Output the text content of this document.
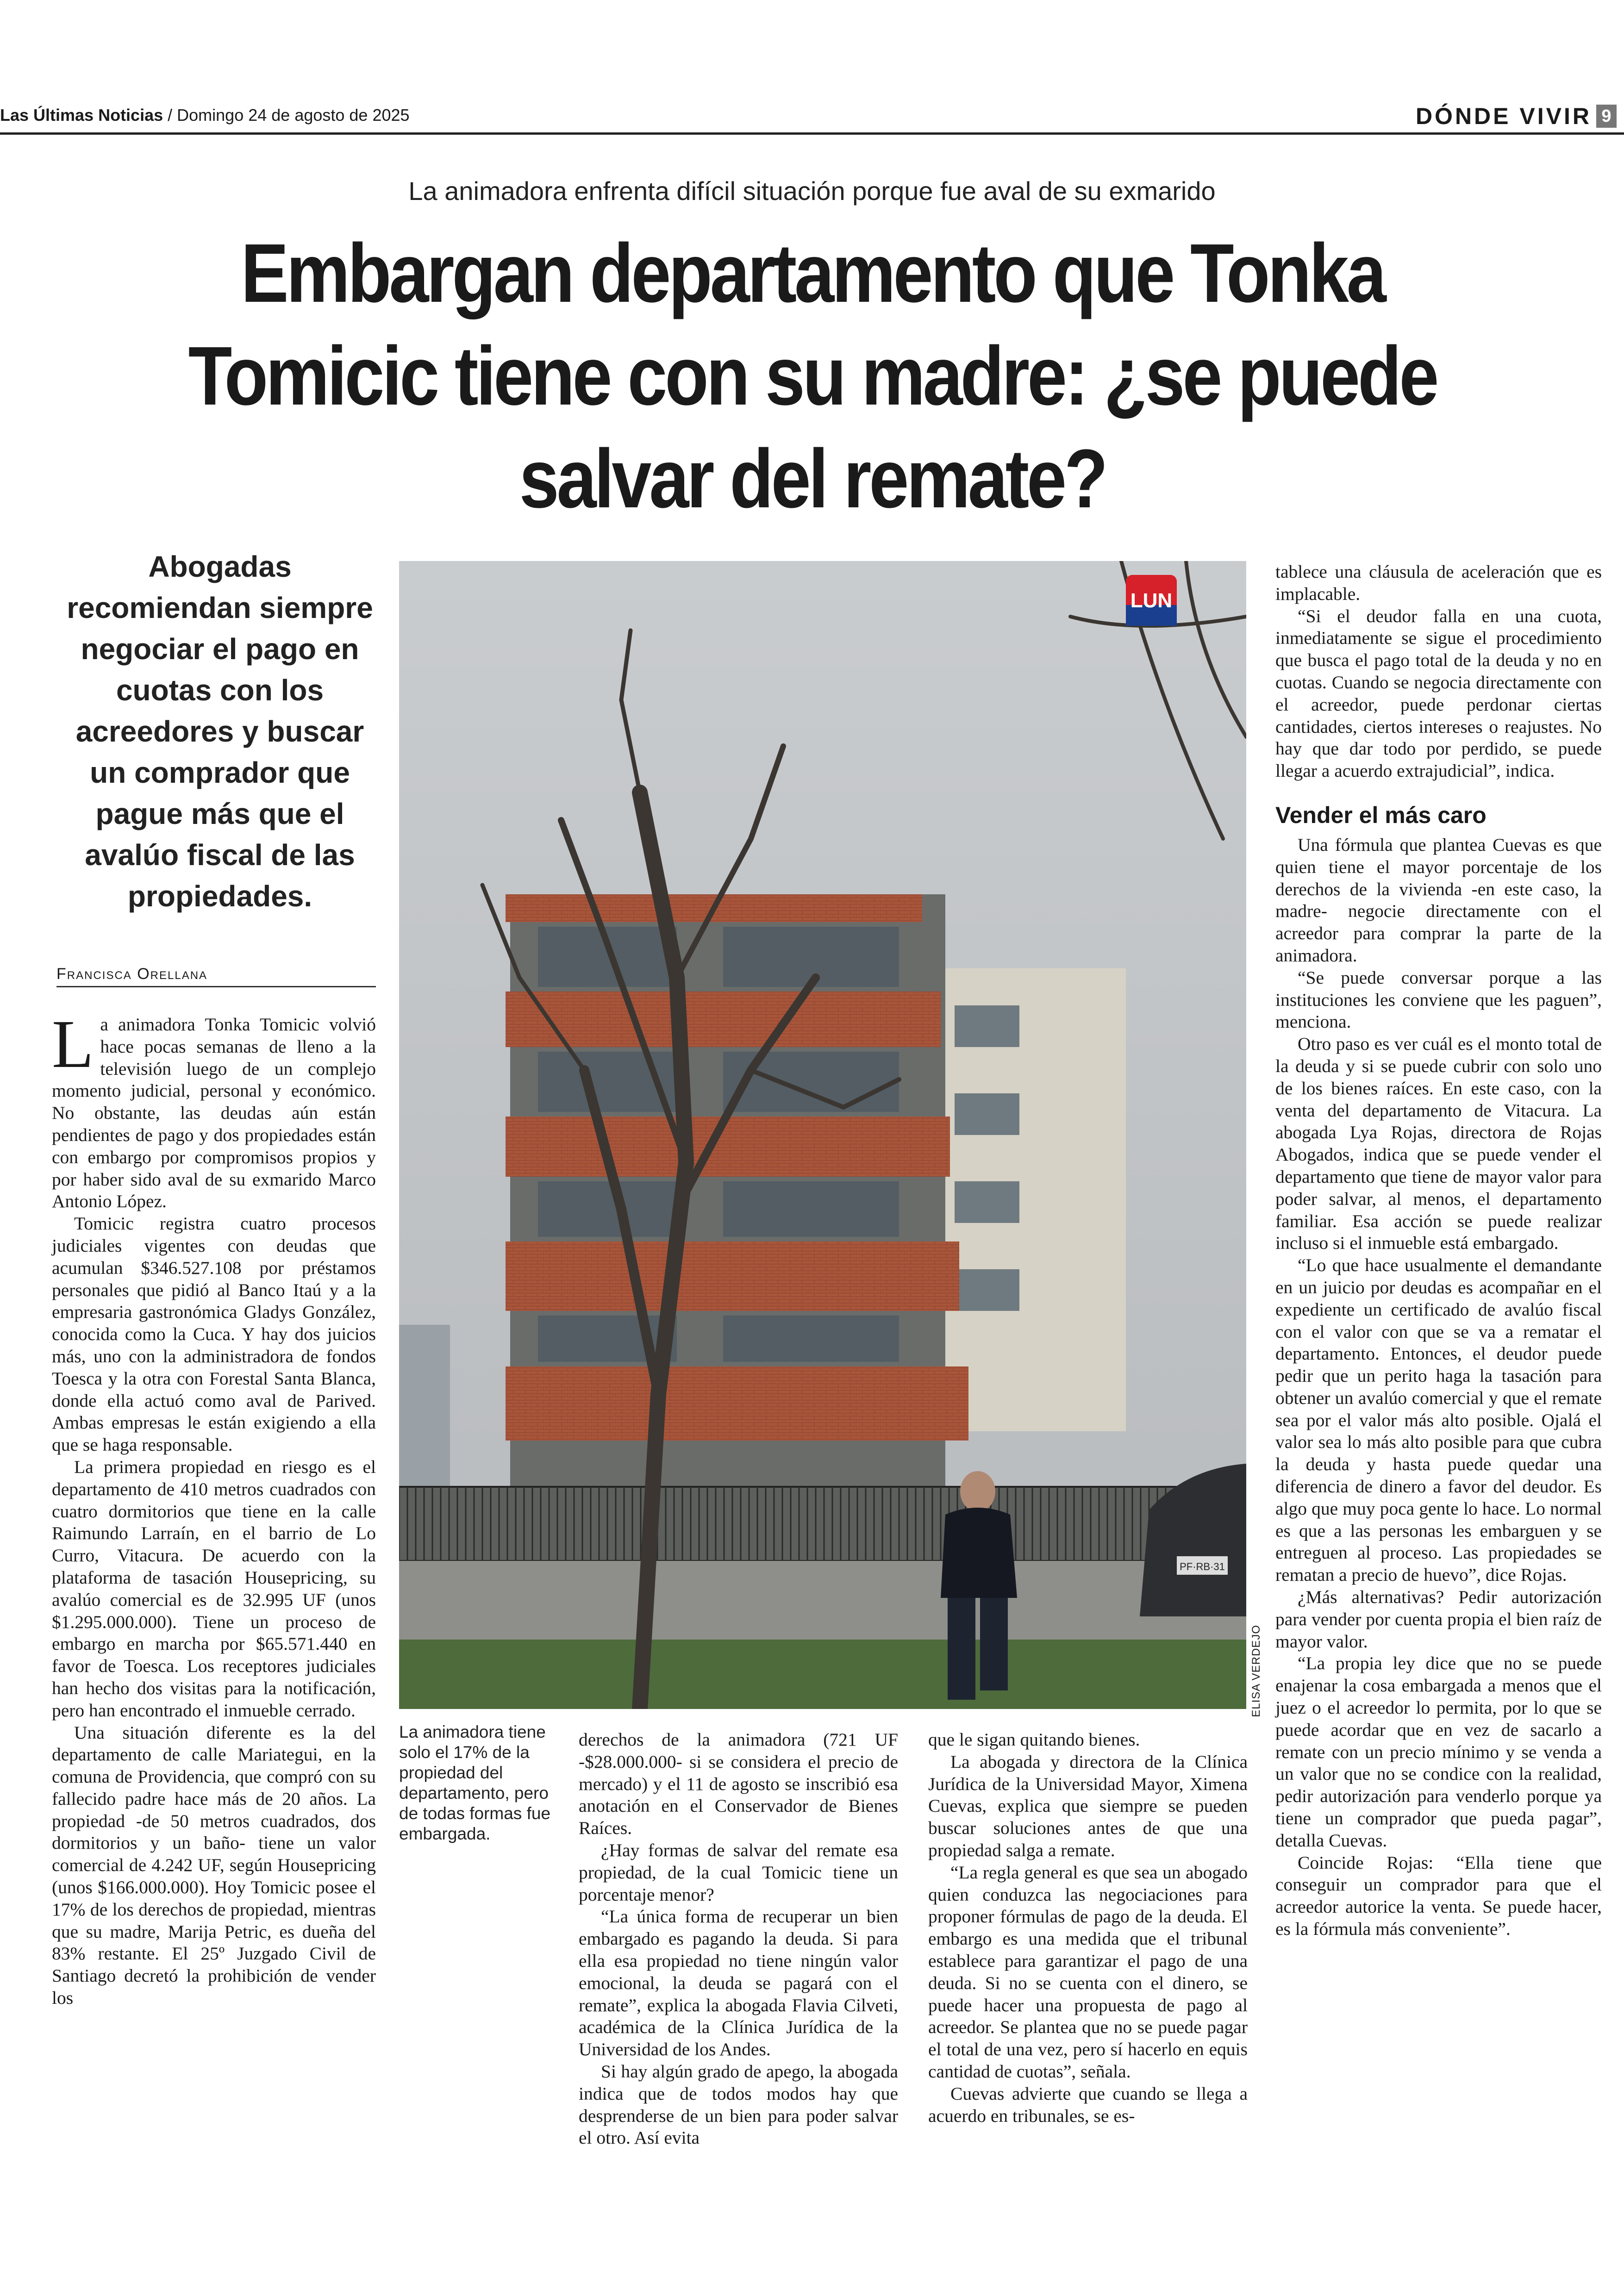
Las Últimas Noticias / Domingo 24 de agosto de 2025	DÓNDE VIVIR 9
La animadora enfrenta difícil situación porque fue aval de su exmarido
Embargan departamento que Tonka Tomicic tiene con su madre: ¿se puede salvar del remate?
Abogadas recomiendan siempre negociar el pago en cuotas con los acreedores y buscar un comprador que pague más que el avalúo fiscal de las propiedades.
Francisca Orellana

La animadora Tonka Tomicic volvió hace pocas semanas de lleno a la televisión luego de un complejo momento judicial, personal y económico. No obstante, las deudas aún están pendientes de pago y dos propiedades están con embargo por compromisos propios y por haber sido aval de su exmarido Marco Antonio López.

Tomicic registra cuatro procesos judiciales vigentes con deudas que acumulan $346.527.108 por préstamos personales que pidió al Banco Itaú y a la empresaria gastronómica Gladys González, conocida como la Cuca. Y hay dos juicios más, uno con la administradora de fondos Toesca y la otra con Forestal Santa Blanca, donde ella actuó como aval de Parived. Ambas empresas le están exigiendo a ella que se haga responsable.

La primera propiedad en riesgo es el departamento de 410 metros cuadrados con cuatro dormitorios que tiene en la calle Raimundo Larraín, en el barrio de Lo Curro, Vitacura. De acuerdo con la plataforma de tasación Housepricing, su avalúo comercial es de 32.995 UF (unos $1.295.000.000). Tiene un proceso de embargo en marcha por $65.571.440 en favor de Toesca. Los receptores judiciales han hecho dos visitas para la notificación, pero han encontrado el inmueble cerrado.

Una situación diferente es la del departamento de calle Mariategui, en la comuna de Providencia, que compró con su fallecido padre hace más de 20 años. La propiedad -de 50 metros cuadrados, dos dormitorios y un baño- tiene un valor comercial de 4.242 UF, según Housepricing (unos $166.000.000). Hoy Tomicic posee el 17% de los derechos de propiedad, mientras que su madre, Marija Petric, es dueña del 83% restante. El 25º Juzgado Civil de Santiago decretó la prohibición de vender los

PF·RB·31
LUN
ELISA VERDEJO
La animadora tiene solo el 17% de la propiedad del departamento, pero de todas formas fue embargada.

derechos de la animadora (721 UF -$28.000.000- si se considera el precio de mercado) y el 11 de agosto se inscribió esa anotación en el Conservador de Bienes Raíces.

¿Hay formas de salvar del remate esa propiedad, de la cual Tomicic tiene un porcentaje menor?

“La única forma de recuperar un bien embargado es pagando la deuda. Si para ella esa propiedad no tiene ningún valor emocional, la deuda se pagará con el remate”, explica la abogada Flavia Cilveti, académica de la Clínica Jurídica de la Universidad de los Andes.

Si hay algún grado de apego, la abogada indica que de todos modos hay que desprenderse de un bien para poder salvar el otro. Así evita

que le sigan quitando bienes.

La abogada y directora de la Clínica Jurídica de la Universidad Mayor, Ximena Cuevas, explica que siempre se pueden buscar soluciones antes de que una propiedad salga a remate.

“La regla general es que sea un abogado quien conduzca las negociaciones para proponer fórmulas de pago de la deuda. El embargo es una medida que el tribunal establece para garantizar el pago de una deuda. Si no se cuenta con el dinero, se puede hacer una propuesta de pago al acreedor. Se plantea que no se puede pagar el total de una vez, pero sí hacerlo en equis cantidad de cuotas”, señala.

Cuevas advierte que cuando se llega a acuerdo en tribunales, se es-

tablece una cláusula de aceleración que es implacable.

“Si el deudor falla en una cuota, inmediatamente se sigue el procedimiento que busca el pago total de la deuda y no en cuotas. Cuando se negocia directamente con el acreedor, puede perdonar ciertas cantidades, ciertos intereses o reajustes. No hay que dar todo por perdido, se puede llegar a acuerdo extrajudicial”, indica.

Vender el más caro

Una fórmula que plantea Cuevas es que quien tiene el mayor porcentaje de los derechos de la vivienda -en este caso, la madre- negocie directamente con el acreedor para comprar la parte de la animadora.

“Se puede conversar porque a las instituciones les conviene que les paguen”, menciona.

Otro paso es ver cuál es el monto total de la deuda y si se puede cubrir con solo uno de los bienes raíces. En este caso, con la venta del departamento de Vitacura. La abogada Lya Rojas, directora de Rojas Abogados, indica que se puede vender el departamento que tiene de mayor valor para poder salvar, al menos, el departamento familiar. Esa acción se puede realizar incluso si el inmueble está embargado.

“Lo que hace usualmente el demandante en un juicio por deudas es acompañar en el expediente un certificado de avalúo fiscal con el valor con que se va a rematar el departamento. Entonces, el deudor puede pedir que un perito haga la tasación para obtener un avalúo comercial y que el remate sea por el valor más alto posible. Ojalá el valor sea lo más alto posible para que cubra la deuda y hasta puede quedar una diferencia de dinero a favor del deudor. Es algo que muy poca gente lo hace. Lo normal es que a las personas les embarguen y se entreguen al proceso. Las propiedades se rematan a precio de huevo”, dice Rojas.

¿Más alternativas? Pedir autorización para vender por cuenta propia el bien raíz de mayor valor.

“La propia ley dice que no se puede enajenar la cosa embargada a menos que el juez o el acreedor lo permita, por lo que se puede acordar que en vez de sacarlo a remate con un precio mínimo y se venda a un valor que no se condice con la realidad, pedir autorización para venderlo porque ya tiene un comprador que pueda pagar”, detalla Cuevas.

Coincide Rojas: “Ella tiene que conseguir un comprador para que el acreedor autorice la venta. Se puede hacer, es la fórmula más conveniente”.
